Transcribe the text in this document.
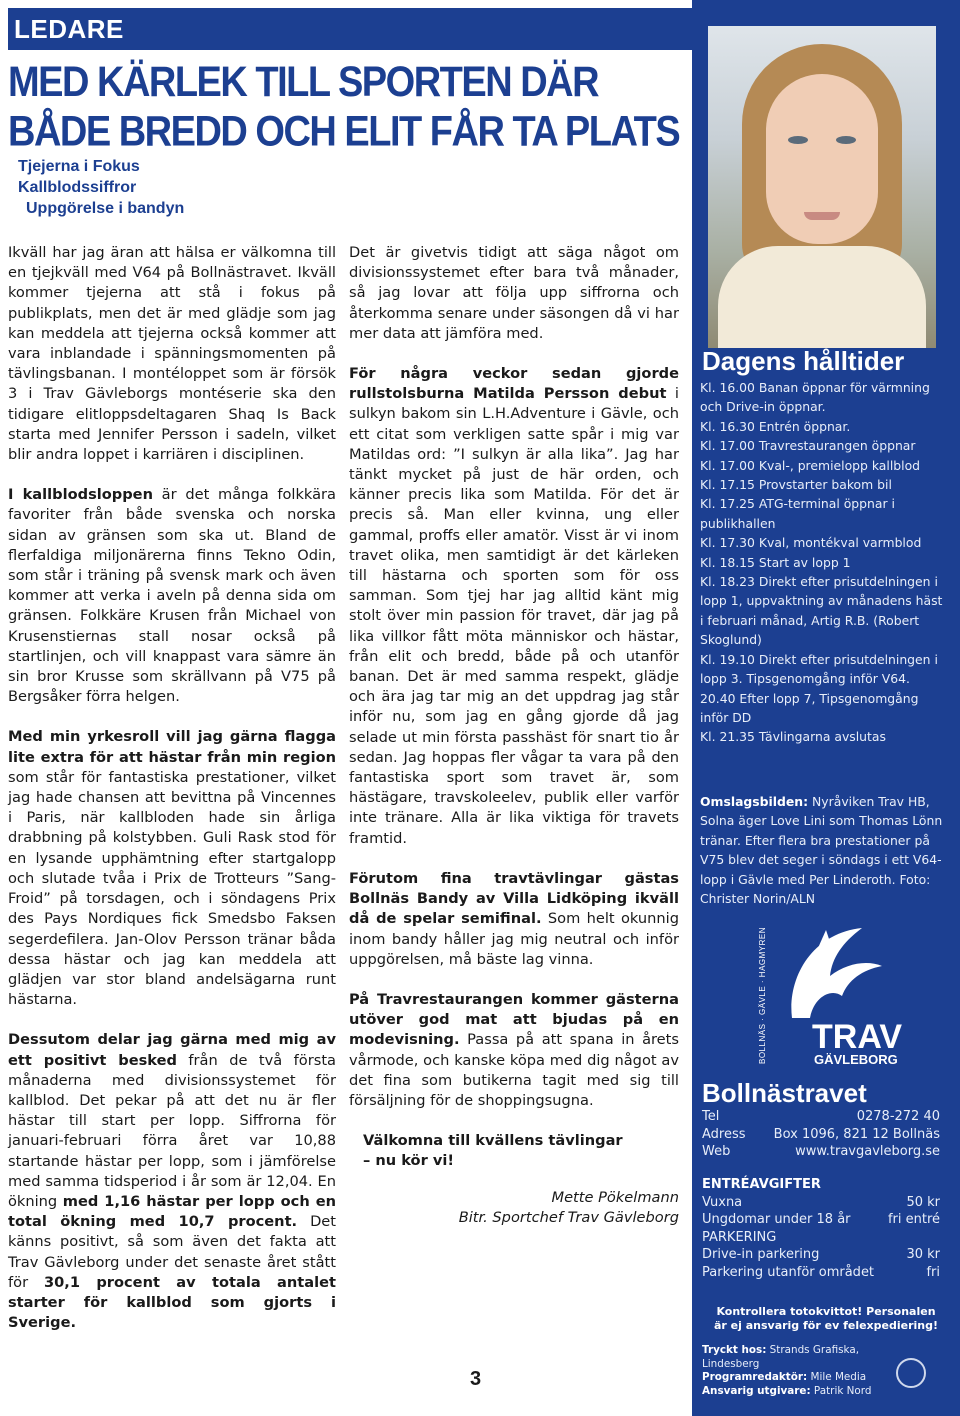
LEDARE
MED KÄRLEK TILL SPORTEN DÄR
BÅDE BREDD OCH ELIT FÅR TA PLATS
Tjejerna i Fokus
Kallblodssiffror
Uppgörelse i bandyn

Ikväll har jag äran att hälsa er välkomna till en tjejkväll med V64 på Bollnästravet. Ikväll kommer tjejerna att stå i fokus på publikplats, men det är med glädje som jag kan meddela att tjejerna också kommer att vara inblandade i spänningsmomenten på tävlingsbanan. I montéloppet som är försök 3 i Trav Gävleborgs montéserie ska den tidigare elitloppsdeltagaren Shaq Is Back starta med Jennifer Persson i sadeln, vilket blir andra loppet i karriären i disciplinen.

I kallblodsloppen är det många folkkära favoriter från både svenska och norska sidan av gränsen som ska ut. Bland de flerfaldiga miljonärerna finns Tekno Odin, som står i träning på svensk mark och även kommer att verka i aveln på denna sida om gränsen. Folkkäre Krusen från Michael von Krusenstiernas stall nosar också på startlinjen, och vill knappast vara sämre än sin bror Krusse som skrällvann på V75 på Bergsåker förra helgen.

Med min yrkesroll vill jag gärna flagga lite extra för att hästar från min region som står för fantastiska prestationer, vilket jag hade chansen att bevittna på Vincennes i Paris, när kallbloden hade sin årliga drabbning på kolstybben. Guli Rask stod för en lysande upphämtning efter startgalopp och slutade tvåa i Prix de Trotteurs ”Sang-Froid” på torsdagen, och i söndagens Prix des Pays Nordiques fick Smedsbo Faksen segerdefilera. Jan-Olov Persson tränar båda dessa hästar och jag kan meddela att glädjen var stor bland andelsägarna runt hästarna.

Dessutom delar jag gärna med mig av ett positivt besked från de två första månaderna med divisionssystemet för kallblod. Det pekar på att det nu är fler hästar till start per lopp. Siffrorna för januari-februari förra året var 10,88 startande hästar per lopp, som i jämförelse med samma tidsperiod i år som är 12,04. En ökning med 1,16 hästar per lopp och en total ökning med 10,7 procent. Det känns positivt, så som även det fakta att Trav Gävleborg under det senaste året stått för 30,1 procent av totala antalet starter för kallblod som gjorts i Sverige.

Det är givetvis tidigt att säga något om divisionssystemet efter bara två månader, så jag lovar att följa upp siffrorna och återkomma senare under säsongen då vi har mer data att jämföra med.

För några veckor sedan gjorde rullstolsburna Matilda Persson debut i sulkyn bakom sin L.H.Adventure i Gävle, och ett citat som verkligen satte spår i mig var Matildas ord: ”I sulkyn är alla lika”. Jag har tänkt mycket på just de här orden, och känner precis lika som Matilda. För det är precis så. Man eller kvinna, ung eller gammal, proffs eller amatör. Visst är vi inom travet olika, men samtidigt är det kärleken till hästarna och sporten som för oss samman. Som tjej har jag alltid känt mig stolt över min passion för travet, där jag på lika villkor fått möta människor och hästar, från elit och bredd, både på och utanför banan. Det är med samma respekt, glädje och ära jag tar mig an det uppdrag jag står inför nu, som jag en gång gjorde då jag selade ut min första passhäst för snart tio år sedan. Jag hoppas fler vågar ta vara på den fantastiska sport som travet är, som hästägare, travskoleelev, publik eller varför inte tränare. Alla är lika viktiga för travets framtid.

Förutom fina travtävlingar gästas Bollnäs Bandy av Villa Lidköping ikväll då de spelar semifinal. Som helt okunnig inom bandy håller jag mig neutral och inför uppgörelsen, må bäste lag vinna.

På Travrestaurangen kommer gästerna utöver god mat att bjudas på en modevisning. Passa på att spana in årets vårmode, och kanske köpa med dig något av det fina som butikerna tagit med sig till försäljning för de shoppingsugna.

Välkomna till kvällens tävlingar
– nu kör vi!
Mette Pökelmann
Bitr. Sportchef Trav Gävleborg
3
Dagens hålltider
Kl. 16.00 Banan öppnar för värmning och Drive-in öppnar.
Kl. 16.30 Entrén öppnar.
Kl. 17.00 Travrestaurangen öppnar
Kl. 17.00 Kval-, premielopp kallblod
Kl. 17.15 Provstarter bakom bil
Kl. 17.25 ATG-terminal öppnar i publikhallen
Kl. 17.30 Kval, montékval varmblod
Kl. 18.15 Start av lopp 1
Kl. 18.23 Direkt efter prisutdelningen i lopp 1, uppvaktning av månadens häst i februari månad, Artig R.B. (Robert Skoglund)
Kl. 19.10 Direkt efter prisutdelningen i lopp 3. Tipsgenomgång inför V64.
20.40 Efter lopp 7, Tipsgenomgång inför DD
Kl. 21.35 Tävlingarna avslutas
Omslagsbilden: Nyråviken Trav HB, Solna äger Love Lini som Thomas Lönn tränar. Efter flera bra prestationer på V75 blev det seger i söndags i ett V64-lopp i Gävle med Per Linderoth. Foto: Christer Norin/ALN
BOLLNÄS · GÄVLE · HAGMYREN TRAV
GÄVLEBORG
Bollnästravet
Tel	0278-272 40
Adress Box 1096, 821 12 Bollnäs
Web	www.travgavleborg.se
ENTRÉAVGIFTER
Vuxna	50 kr
Ungdomar under 18 år	fri entré
PARKERING
Drive-in parkering	30 kr
Parkering utanför området	fri
Kontrollera totokvittot! Personalen
är ej ansvarig för ev felexpediering!
Tryckt hos: Strands Grafiska, Lindesberg
Programredaktör: Mile Media
Ansvarig utgivare: Patrik Nord
